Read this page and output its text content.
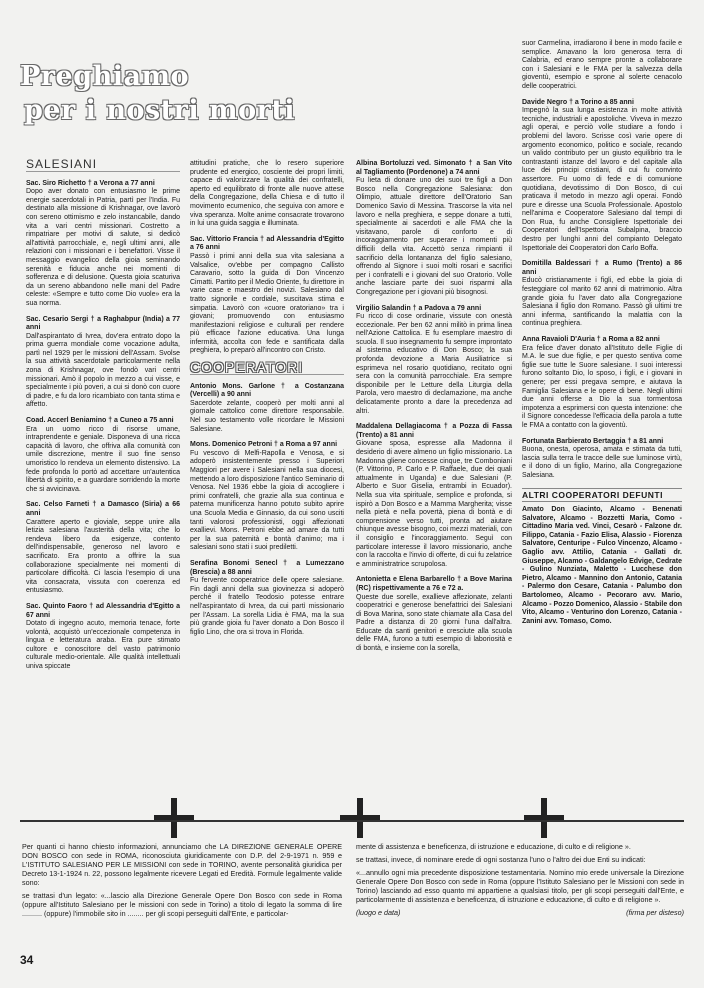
Preghiamo
per i nostri morti
SALESIANI

Sac. Siro Richetto † a Verona a 77 anni
Dopo aver donato con entusiasmo le prime energie sacerdotali in Patria, partì per l'India. Fu destinato alla missione di Krishnagar, ove lavorò con sereno ottimismo e zelo instancabile, dando vita a vari centri missionari. Costretto a rimpatriare per motivi di salute, si dedicò all'attività parrocchiale, e, negli ultimi anni, alle relazioni con i missionari e i benefattori. Visse il messaggio evangelico della gioia seminando serenità e fiducia anche nei momenti di sofferenza e di delusione. Questa gioia scaturiva da un sereno abbandono nelle mani del Padre celeste: «Sempre e tutto come Dio vuole» era la sua norma.

Sac. Cesario Sergi † a Raghabpur (India) a 77 anni
Dall'aspirantato di Ivrea, dov'era entrato dopo la prima guerra mondiale come vocazione adulta, partì nel 1929 per le missioni dell'Assam. Svolse la sua attività sacerdotale particolarmente nella zona di Krishnagar, ove fondò vari centri missionari. Amò il popolo in mezzo a cui visse, e specialmente i più poveri, a cui si donò con cuore di padre, e fu da loro ricambiato con tanta stima e affetto.

Coad. Accerl Beniamino † a Cuneo a 75 anni
Era un uomo ricco di risorse umane, intraprendente e geniale. Disponeva di una ricca capacità di lavoro, che offriva alla comunità con umile discrezione, mentre il suo fine senso umoristico lo rendeva un elemento distensivo. La fede profonda lo portò ad accettare un'autentica libertà di spirito, e a guardare sorridendo la morte che si avvicinava.

Sac. Celso Farneti † a Damasco (Siria) a 66 anni
Carattere aperto e gioviale, seppe unire alla letizia salesiana l'austerità della vita; che lo rendeva libero da esigenze, contento dell'indispensabile, generoso nel lavoro e sacrificato. Era pronto a offrire la sua collaborazione specialmente nei momenti di particolare difficoltà. Ci lascia l'esempio di una vita consacrata, vissuta con coerenza ed entusiasmo.

Sac. Quinto Faoro † ad Alessandria d'Egitto a 67 anni
Dotato di ingegno acuto, memoria tenace, forte volontà, acquistò un'eccezionale competenza in lingua e letteratura araba. Era pure stimato cultore e conoscitore del vasto patrimonio culturale medio-orientale. Alle qualità intellettuali univa spiccate

attitudini pratiche, che lo resero superiore prudente ed energico, cosciente dei propri limiti, capace di valorizzare la qualità dei confratelli, aperto ed equilibrato di fronte alle nuove attese della Congregazione, della Chiesa e di tutto il movimento ecumenico, che seguiva con amore e viva speranza. Molte anime consacrate trovarono in lui una guida saggia e illuminata.

Sac. Vittorio Francia † ad Alessandria d'Egitto a 76 anni
Passò i primi anni della sua vita salesiana a Valsalice, ov'ebbe per compagno Callisto Caravario, sotto la guida di Don Vincenzo Cimatti. Partito per il Medio Oriente, fu direttore in varie case e maestro dei novizi. Salesiano dal tratto signorile e cordiale, suscitava stima e simpatia. Lavorò con «cuore oratoriano» tra i giovani; promuovendo con entusiasmo manifestazioni religiose e culturali per rendere più efficace l'azione educativa. Una lunga infermità, accolta con fede e santificata dalla preghiera, lo preparò all'incontro con Cristo.

COOPERATORI

Antonio Mons. Garlone † a Costanzana (Vercelli) a 90 anni
Sacerdote zelante, cooperò per molti anni al giornale cattolico come direttore responsabile. Nel suo testamento volle ricordare le Missioni Salesiane.

Mons. Domenico Petroni † a Roma a 97 anni
Fu vescovo di Melfi-Rapolla e Venosa, e si adoperò insistentemente presso i Superiori Maggiori per avere i Salesiani nella sua diocesi, mettendo a loro disposizione l'antico Seminario di Venosa. Nel 1936 ebbe la gioia di accogliere i primi confratelli, che grazie alla sua continua e paterna munificenza hanno potuto subito aprire una Scuola Media e Ginnasio, da cui sono usciti tanti valorosi professionisti, oggi affezionati exallievi. Mons. Petroni ebbe ad amare da tutti per la sua paternità e bontà d'animo; ma i salesiani sono stati i suoi prediletti.

Serafina Bonomi Senecl † a Lumezzano (Brescia) a 88 anni
Fu fervente cooperatrice delle opere salesiane. Fin dagli anni della sua giovinezza si adoperò perché il fratello Teodosio potesse entrare nell'aspirantato di Ivrea, da cui partì missionario per l'Assam. La sorella Lidia è FMA, ma la sua più grande gioia fu l'aver donato a Don Bosco il figlio Lino, che ora si trova in Florida.

Albina Bortoluzzi ved. Simonato † a San Vito al Tagliamento (Pordenone) a 74 anni
Fu lieta di donare uno dei suoi tre figli a Don Bosco nella Congregazione Salesiana: don Olimpio, attuale direttore dell'Oratorio San Domenico Savio di Messina. Trascorse la vita nel lavoro e nella preghiera, e seppe donare a tutti, specialmente ai sacerdoti e alle FMA che la visitavano, parole di conforto e di incoraggiamento per superare i momenti più difficili della vita. Accettò senza rimpianti il sacrificio della lontananza del figlio salesiano, offrendo al Signore i suoi molti rosari e sacrifici per i confratelli e i giovani del suo Oratorio. Volle anche lasciare parte dei suoi risparmi alla Congregazione per i giovani più bisognosi.

Virgilio Salandin † a Padova a 79 anni
Fu ricco di cose ordinarie, vissute con onestà eccezionale. Per ben 62 anni militò in prima linea nell'Azione Cattolica. E fu esemplare maestro di scuola. Il suo insegnamento fu sempre improntato al sistema educativo di Don Bosco; la sua profonda devozione a Maria Ausiliatrice si esprimeva nel rosario quotidiano, recitato ogni sera con la comunità parrocchiale. Era sempre disponibile per le Letture della Liturgia della Parola, vero maestro di declamazione, ma anche delicatamente pronto a dare la precedenza ad altri.

Maddalena Dellagiacoma † a Pozza di Fassa (Trento) a 81 anni
Giovane sposa, espresse alla Madonna il desiderio di avere almeno un figlio missionario. La Madonna gliene concesse cinque, tre Comboniani (P. Vittorino, P. Carlo e P. Raffaele, due dei quali attualmente in Uganda) e due Salesiani (P. Alberto e Suor Giselia, entrambi in Ecuador). Nella sua vita spirituale, semplice e profonda, si ispirò a Don Bosco e a Mamma Margherita; visse nella pietà e nella povertà, piena di bontà e di comprensione verso tutti, pronta ad aiutare chiunque avesse bisogno, coi mezzi materiali, con il consiglio e l'incoraggiamento. Seguì con particolare interesse il lavoro missionario, anche con la raccolta e l'invio di offerte, di cui fu zelatrice e amministratrice scrupolosa.

Antonietta e Elena Barbarello † a Bove Marina (RC) rispettivamente a 76 e 72 a.
Queste due sorelle, exallieve affezionate, zelanti cooperatrici e generose benefattrici dei Salesiani di Bova Marina, sono state chiamate alla Casa del Padre a distanza di 20 giorni l'una dall'altra. Educate da santi genitori e cresciute alla scuola delle FMA, furono a tutti esempio di laboriosità e di bontà, e insieme con la sorella,

suor Carmelina, irradiarono il bene in modo facile e semplice. Amavano la loro generosa terra di Calabria, ed erano sempre pronte a collaborare con i Salesiani e le FMA per la salvezza della gioventù, esempio e sprone al solerte cenacolo delle cooperatrici.

Davide Negro † a Torino a 85 anni
Impegnò la sua lunga esistenza in molte attività tecniche, industriali e apostoliche. Viveva in mezzo agli operai, e perciò volle studiare a fondo i problemi del lavoro. Scrisse così varie opere di argomento economico, politico e sociale, recando un valido contributo per un giusto equilibrio tra le contrastanti istanze del lavoro e del capitale alla luce dei principi cristiani, di cui fu convinto assertore. Fu uomo di fede e di comunione quotidiana, devotissimo di Don Bosco, di cui praticava il metodo in mezzo agli operai. Fondò pure e diresse una Scuola Professionale. Apostolo nell'anima e Cooperatore Salesiano dal tempi di Don Rua, fu anche Consigliere Ispettoriale dei Cooperatori dell'Ispettoria Subalpina, braccio destro per lunghi anni del compianto Delegato Ispettoriale dei Cooperatori don Carlo Boffa.

Domitilla Baldessari † a Rumo (Trento) a 86 anni
Educò cristianamente i figli, ed ebbe la gioia di festeggiare col marito 62 anni di matrimonio. Altra grande gioia fu l'aver dato alla Congregazione Salesiana il figlio don Romano. Passò gli ultimi tre anni inferma, santificando la malattia con la continua preghiera.

Anna Ravaioli D'Auria † a Roma a 82 anni
Era felice d'aver donato all'Istituto delle Figlie di M.A. le sue due figlie, e per questo sentiva come figlie sue tutte le Suore salesiane. I suoi interessi furono soltanto Dio, lo sposo, i figli, e i giovani in genere; per essi pregava sempre, e aiutava la Famiglia Salesiana e le opere di bene. Negli ultimi due anni offerse a Dio la sua tormentosa impotenza a esprimersi con questa intenzione: che il Signore concedesse l'efficacia della parola a tutte le FMA a contatto con la gioventù.

Fortunata Barbierato Bertaggia † a 81 anni
Buona, onesta, operosa, amata e stimata da tutti, lascia sulla terra le tracce delle sue luminose virtù, e il dono di un figlio, Marino, alla Congregazione Salesiana.

ALTRI COOPERATORI DEFUNTI
Amato Don Giacinto, Alcamo - Benenati Salvatore, Alcamo - Bozzetti Maria, Como - Cittadino Maria ved. Vinci, Cesarò - Falzone dr. Filippo, Catania - Fazio Elisa, Alassio - Fiorenza Salvatore, Centuripe - Fulco Vincenzo, Alcamo - Gaglio avv. Attilio, Catania - Gallati dr. Giuseppe, Alcamo - Galdangelo Edvige, Cedrate - Gulino Nunziata, Maletto - Lucchese don Pietro, Alcamo - Mannino don Antonio, Catania - Palermo don Cesare, Catania - Palumbo don Bartolomeo, Alcamo - Pecoraro avv. Mario, Alcamo - Pozzo Domenico, Alassio - Stabile don Vito, Alcamo - Venturino don Lorenzo, Catania - Zanini avv. Tomaso, Como.

Per quanti ci hanno chiesto informazioni, annunciamo che LA DIREZIONE GENERALE OPERE DON BOSCO con sede in ROMA, riconosciuta giuridicamente con D.P. del 2-9-1971 n. 959 e L'ISTITUTO SALESIANO PER LE MISSIONI con sede in TORINO, avente personalità giuridica per Decreto 13-1-1924 n. 22, possono legalmente ricevere Legati ed Eredità. Formule legalmente valide sono:

se trattasi d'un legato: «...lascio alla Direzione Generale Opere Don Bosco con sede in Roma (oppure all'Istituto Salesiano per le missioni con sede in Torino) a titolo di legato la somma di lire .......... (oppure) l'immobile sito in ........ per gli scopi perseguiti dall'Ente, e particolar-

mente di assistenza e beneficenza, di istruzione e educazione, di culto e di religione ».

se trattasi, invece, di nominare erede di ogni sostanza l'uno o l'altro dei due Enti su indicati:

«...annullo ogni mia precedente disposizione testamentaria. Nomino mio erede universale la Direzione Generale Opere Don Bosco con sede in Roma (oppure l'Istituto Salesiano per le Missioni con sede in Torino) lasciando ad esso quanto mi appartiene a qualsiasi titolo, per gli scopi perseguiti dall'Ente, e particolarmente di assistenza e beneficenza, di istruzione e educazione, di culto e di religione ».

(luogo e data)	(firma per disteso)
34
